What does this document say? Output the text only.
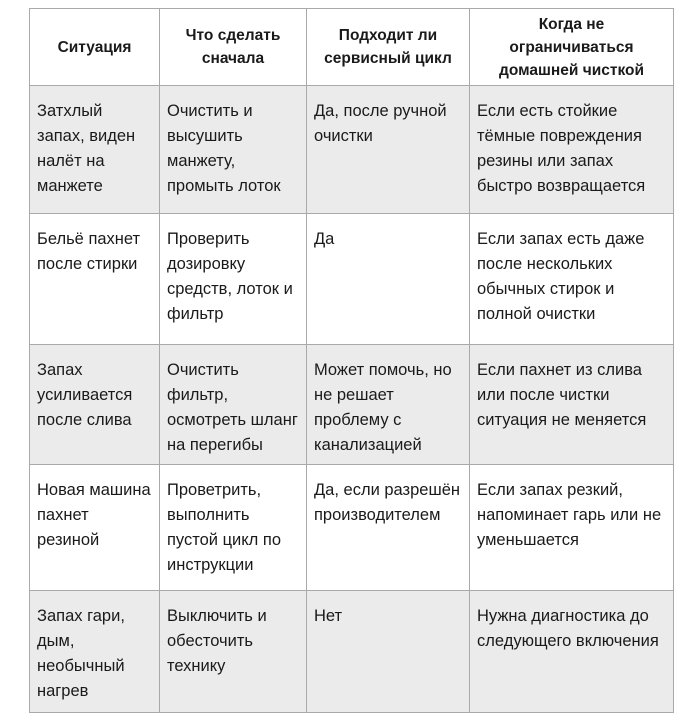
Ситуация	Что сделать сначала	Подходит ли сервисный цикл	Когда не ограничиваться домашней чисткой

Затхлый запах, виден налёт на манжете	Очистить и высушить манжету, промыть лоток	Да, после ручной очистки	Если есть стойкие тёмные повреждения резины или запах быстро возвращается

Бельё пахнет после стирки	Проверить дозировку средств, лоток и фильтр	Да	Если запах есть даже после нескольких обычных стирок и полной очистки

Запах усиливается после слива	Очистить фильтр, осмотреть шланг на перегибы	Может помочь, но не решает проблему с канализацией	Если пахнет из слива или после чистки ситуация не меняется

Новая машина пахнет резиной	Проветрить, выполнить пустой цикл по инструкции	Да, если разрешён производителем	Если запах резкий, напоминает гарь или не уменьшается

Запах гари, дым, необычный нагрев	Выключить и обесточить технику	Нет	Нужна диагностика до следующего включения
